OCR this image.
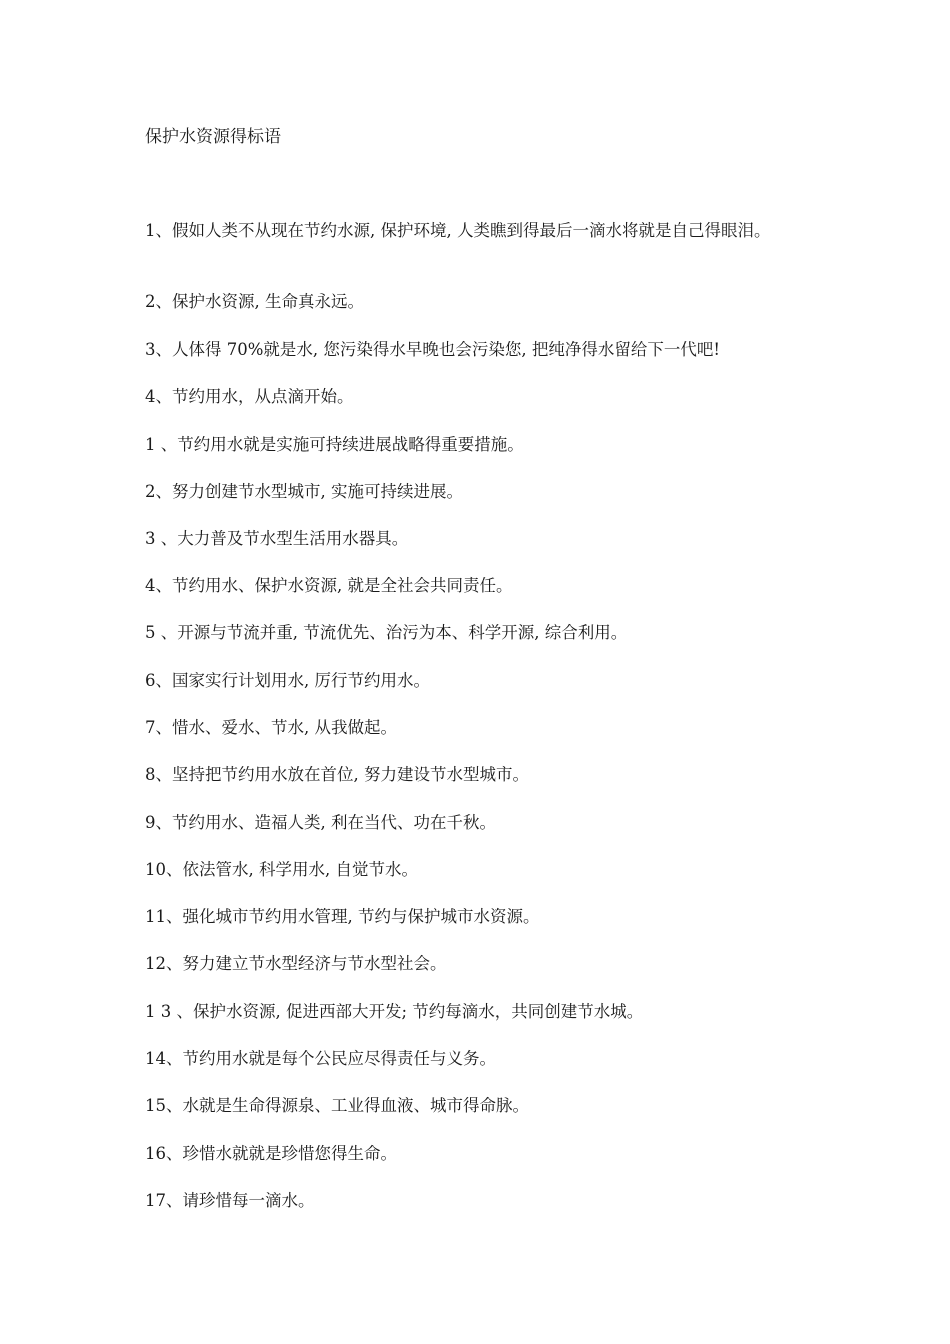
保护水资源得标语
1、假如人类不从现在节约水源, 保护环境, 人类瞧到得最后一滴水将就是自己得眼泪。
2、保护水资源, 生命真永远。
3、人体得 70%就是水, 您污染得水早晚也会污染您, 把纯净得水留给下一代吧!
4、节约用水，从点滴开始。
1 、节约用水就是实施可持续进展战略得重要措施。
2、努力创建节水型城市, 实施可持续进展。
3 、大力普及节水型生活用水器具。
4、节约用水、保护水资源, 就是全社会共同责任。
5 、开源与节流并重, 节流优先、治污为本、科学开源, 综合利用。
6、国家实行计划用水, 厉行节约用水。
7、惜水、爱水、节水, 从我做起。
8、坚持把节约用水放在首位, 努力建设节水型城市。
9、节约用水、造福人类, 利在当代、功在千秋。
10、依法管水, 科学用水, 自觉节水。
11、强化城市节约用水管理, 节约与保护城市水资源。
12、努力建立节水型经济与节水型社会。
1 3 、保护水资源, 促进西部大开发; 节约每滴水，共同创建节水城。
14、节约用水就是每个公民应尽得责任与义务。
15、水就是生命得源泉、工业得血液、城市得命脉。
16、珍惜水就就是珍惜您得生命。
17、请珍惜每一滴水。
